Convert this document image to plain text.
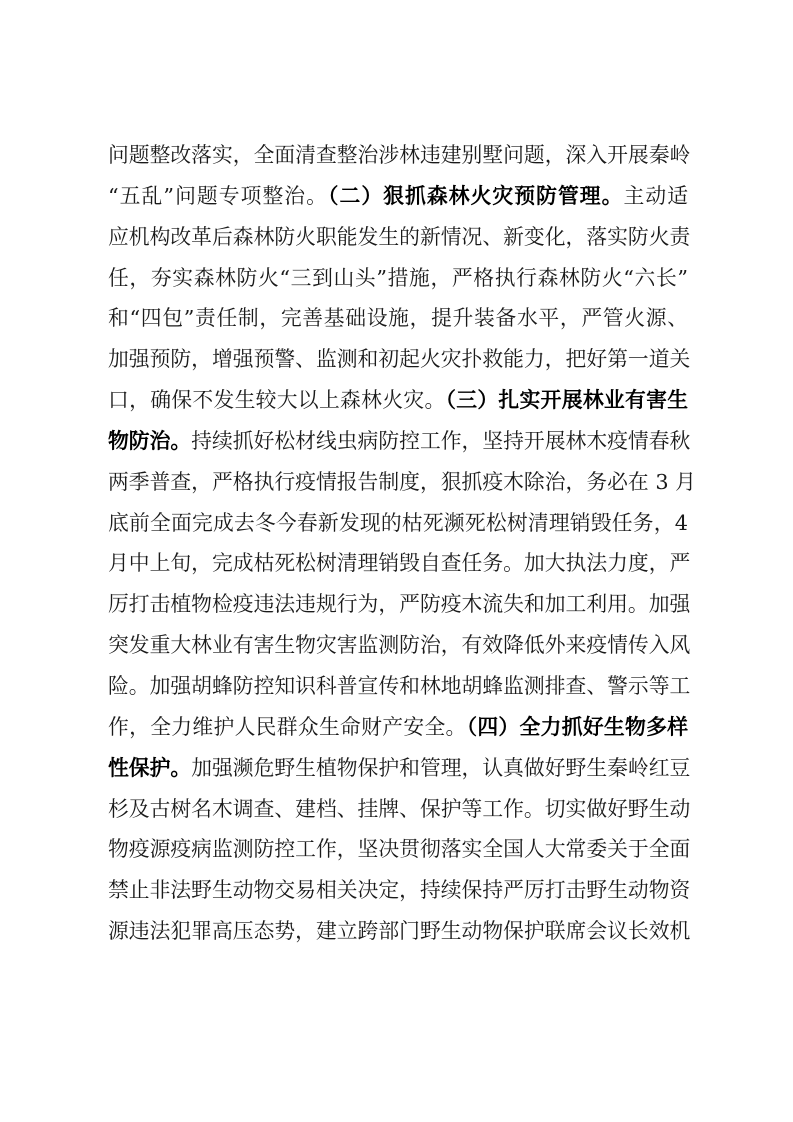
问题整改落实，全面清查整治涉林违建别墅问题，深入开展秦岭
“五乱”问题专项整治。（二）狠抓森林火灾预防管理。主动适
应机构改革后森林防火职能发生的新情况、新变化，落实防火责
任，夯实森林防火“三到山头”措施，严格执行森林防火“六长”
和“四包”责任制，完善基础设施，提升装备水平，严管火源、
加强预防，增强预警、监测和初起火灾扑救能力，把好第一道关
口，确保不发生较大以上森林火灾。（三）扎实开展林业有害生
物防治。持续抓好松材线虫病防控工作，坚持开展林木疫情春秋
两季普查，严格执行疫情报告制度，狠抓疫木除治，务必在 3 月
底前全面完成去冬今春新发现的枯死濒死松树清理销毁任务，4
月中上旬，完成枯死松树清理销毁自查任务。加大执法力度，严
厉打击植物检疫违法违规行为，严防疫木流失和加工利用。加强
突发重大林业有害生物灾害监测防治，有效降低外来疫情传入风
险。加强胡蜂防控知识科普宣传和林地胡蜂监测排查、警示等工
作，全力维护人民群众生命财产安全。（四）全力抓好生物多样
性保护。加强濒危野生植物保护和管理，认真做好野生秦岭红豆
杉及古树名木调查、建档、挂牌、保护等工作。切实做好野生动
物疫源疫病监测防控工作，坚决贯彻落实全国人大常委关于全面
禁止非法野生动物交易相关决定，持续保持严厉打击野生动物资
源违法犯罪高压态势，建立跨部门野生动物保护联席会议长效机
